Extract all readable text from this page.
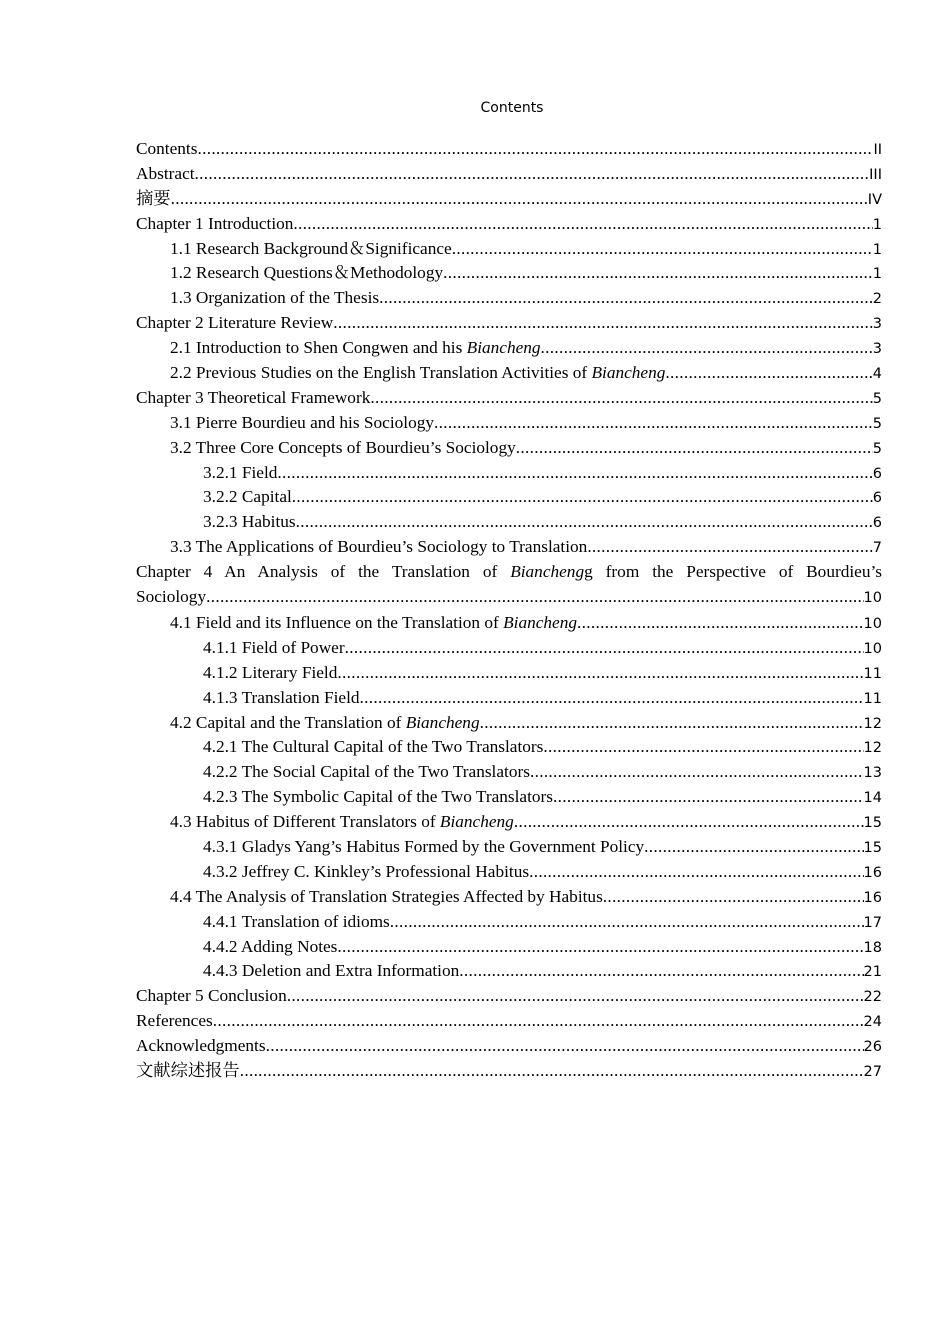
Contents
Contents .....	II
Abstract .....	III
摘要 .....	IV
Chapter 1 Introduction .....	1
1.1 Research Background＆Significance .....	1
1.2 Research Questions＆Methodology .....	1
1.3 Organization of the Thesis .....	2
Chapter 2 Literature Review .....	3
2.1 Introduction to Shen Congwen and his Biancheng .....	3
2.2 Previous Studies on the English Translation Activities of Biancheng .....	4
Chapter 3 Theoretical Framework .....	5
3.1 Pierre Bourdieu and his Sociology .....	5
3.2 Three Core Concepts of Bourdieu’s Sociology .....	5
3.2.1 Field .....	6
3.2.2 Capital .....	6
3.2.3 Habitus .....	6
3.3 The Applications of Bourdieu’s Sociology to Translation .....	7
Chapter 4 An Analysis of the Translation of Bianchengg from the Perspective of Bourdieu’s
Sociology .....	10
4.1 Field and its Influence on the Translation of Biancheng .....	10
4.1.1 Field of Power .....	10
4.1.2 Literary Field .....	11
4.1.3 Translation Field .....	11
4.2 Capital and the Translation of Biancheng .....	12
4.2.1 The Cultural Capital of the Two Translators .....	12
4.2.2 The Social Capital of the Two Translators .....	13
4.2.3 The Symbolic Capital of the Two Translators .....	14
4.3 Habitus of Different Translators of Biancheng .....	15
4.3.1 Gladys Yang’s Habitus Formed by the Government Policy .....	15
4.3.2 Jeffrey C. Kinkley’s Professional Habitus .....	16
4.4 The Analysis of Translation Strategies Affected by Habitus .....	16
4.4.1 Translation of idioms .....	17
4.4.2 Adding Notes .....	18
4.4.3 Deletion and Extra Information .....	21
Chapter 5 Conclusion .....	22
References .....	24
Acknowledgments .....	26
文献综述报告 .....	27
